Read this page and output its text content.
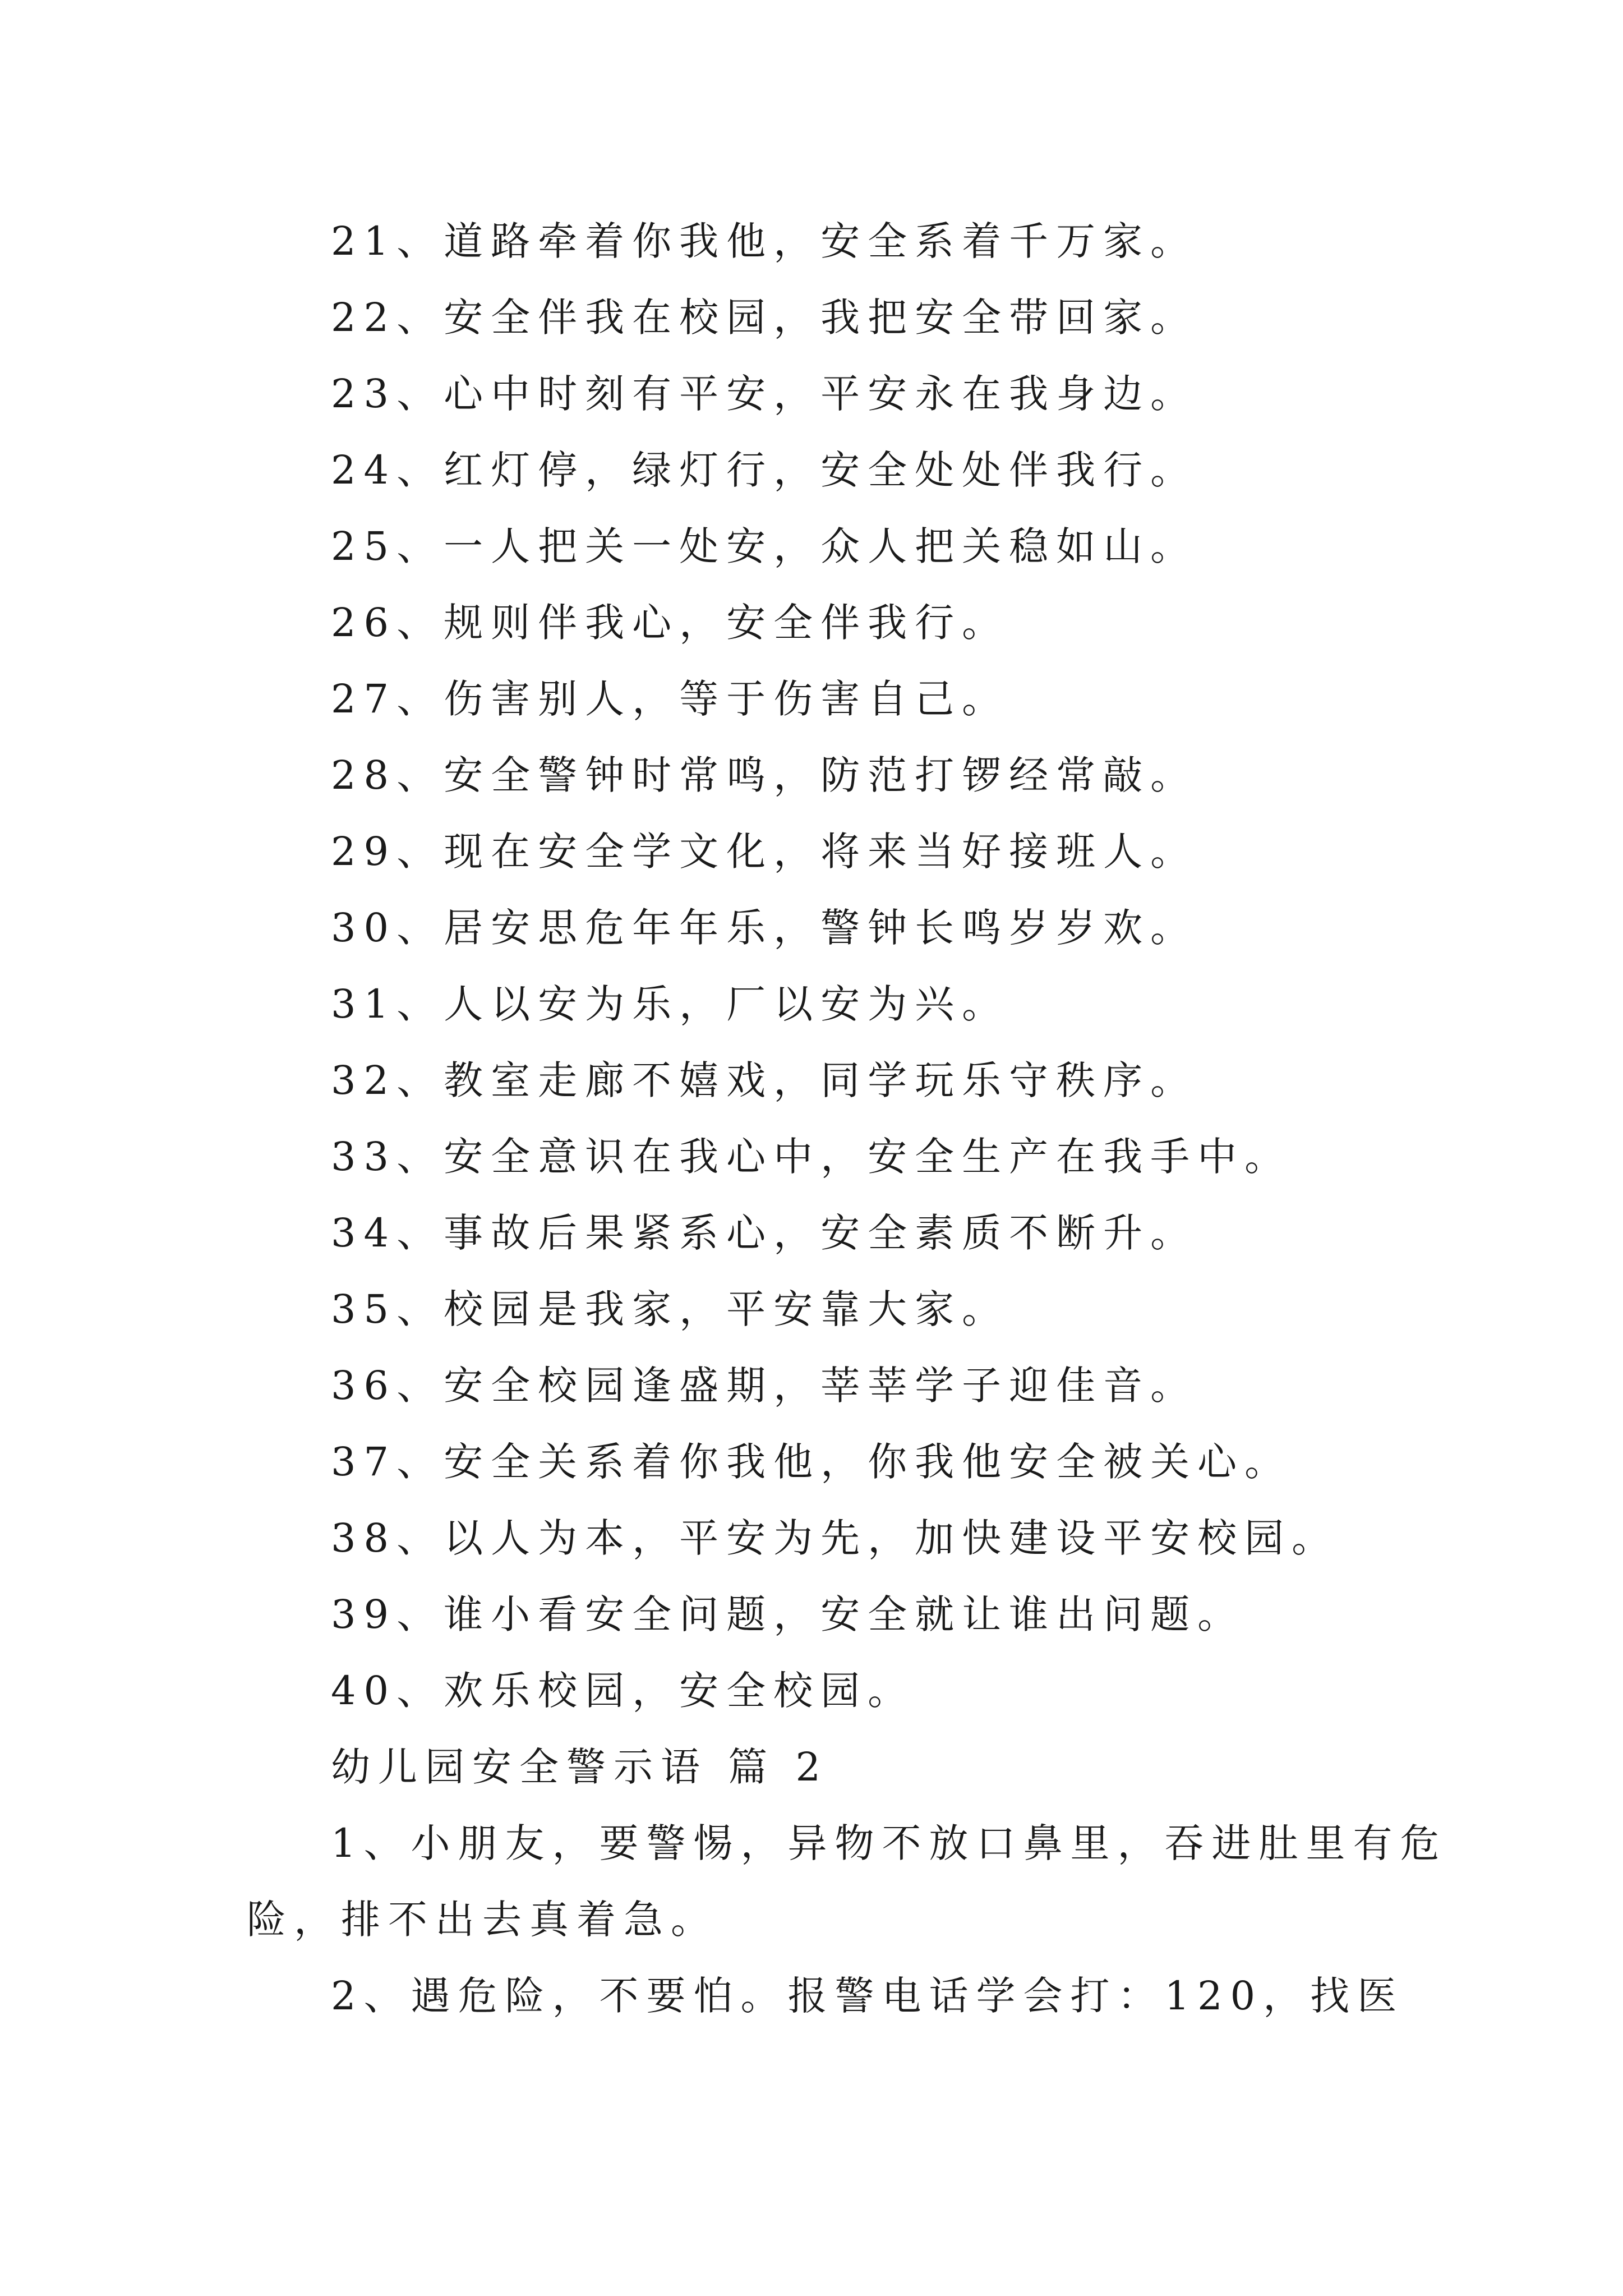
21、道路牵着你我他，安全系着千万家。
22、安全伴我在校园，我把安全带回家。
23、心中时刻有平安，平安永在我身边。
24、红灯停，绿灯行，安全处处伴我行。
25、一人把关一处安，众人把关稳如山。
26、规则伴我心，安全伴我行。
27、伤害别人，等于伤害自己。
28、安全警钟时常鸣，防范打锣经常敲。
29、现在安全学文化，将来当好接班人。
30、居安思危年年乐，警钟长鸣岁岁欢。
31、人以安为乐，厂以安为兴。
32、教室走廊不嬉戏，同学玩乐守秩序。
33、安全意识在我心中，安全生产在我手中。
34、事故后果紧系心，安全素质不断升。
35、校园是我家，平安靠大家。
36、安全校园逢盛期，莘莘学子迎佳音。
37、安全关系着你我他，你我他安全被关心。
38、以人为本，平安为先，加快建设平安校园。
39、谁小看安全问题，安全就让谁出问题。
40、欢乐校园，安全校园。
幼儿园安全警示语 篇 2
1、小朋友，要警惕，异物不放口鼻里，吞进肚里有危
险，排不出去真着急。
2、遇危险，不要怕。报警电话学会打：120，找医
